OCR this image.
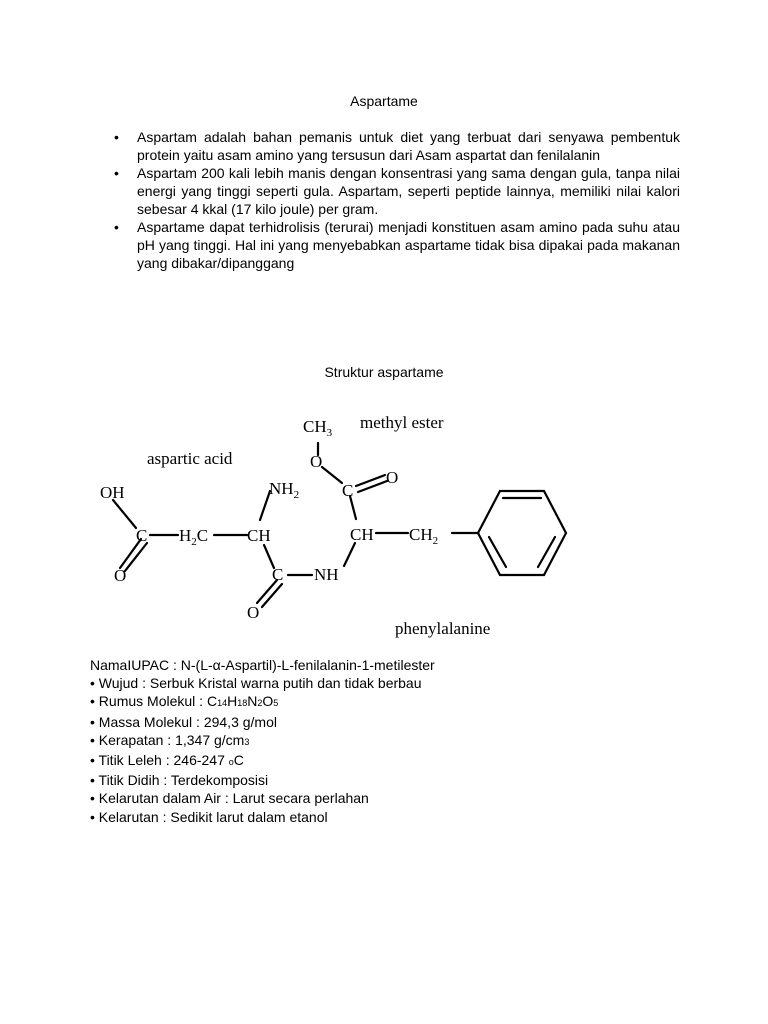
Aspartame
• Aspartam adalah bahan pemanis untuk diet yang terbuat dari senyawa pembentuk protein yaitu asam amino yang tersusun dari Asam aspartat dan fenilalanin
• Aspartam 200 kali lebih manis dengan konsentrasi yang sama dengan gula, tanpa nilai energi yang tinggi seperti gula. Aspartam, seperti peptide lainnya, memiliki nilai kalori sebesar 4 kkal (17 kilo joule) per gram.
• Aspartame dapat terhidrolisis (terurai) menjadi konstituen asam amino pada suhu atau pH yang tinggi. Hal ini yang menyebabkan aspartame tidak bisa dipakai pada makanan yang dibakar/dipanggang
Struktur aspartame
$CH_3$
O
C
O
$NH_2$
OH
C $H_2C$ CH	CH $CH_2$
O	C NH
O
aspartic acid
methyl ester
phenylalanine
NamaIUPAC : N-(L-α-Aspartil)-L-fenilalanin-1-metilester
• Wujud : Serbuk Kristal warna putih dan tidak berbau
• Rumus Molekul : C14H18N2O5
• Massa Molekul : 294,3 g/mol
• Kerapatan : 1,347 g/cm3
• Titik Leleh : 246-247 oC
• Titik Didih : Terdekomposisi
• Kelarutan dalam Air : Larut secara perlahan
• Kelarutan : Sedikit larut dalam etanol
